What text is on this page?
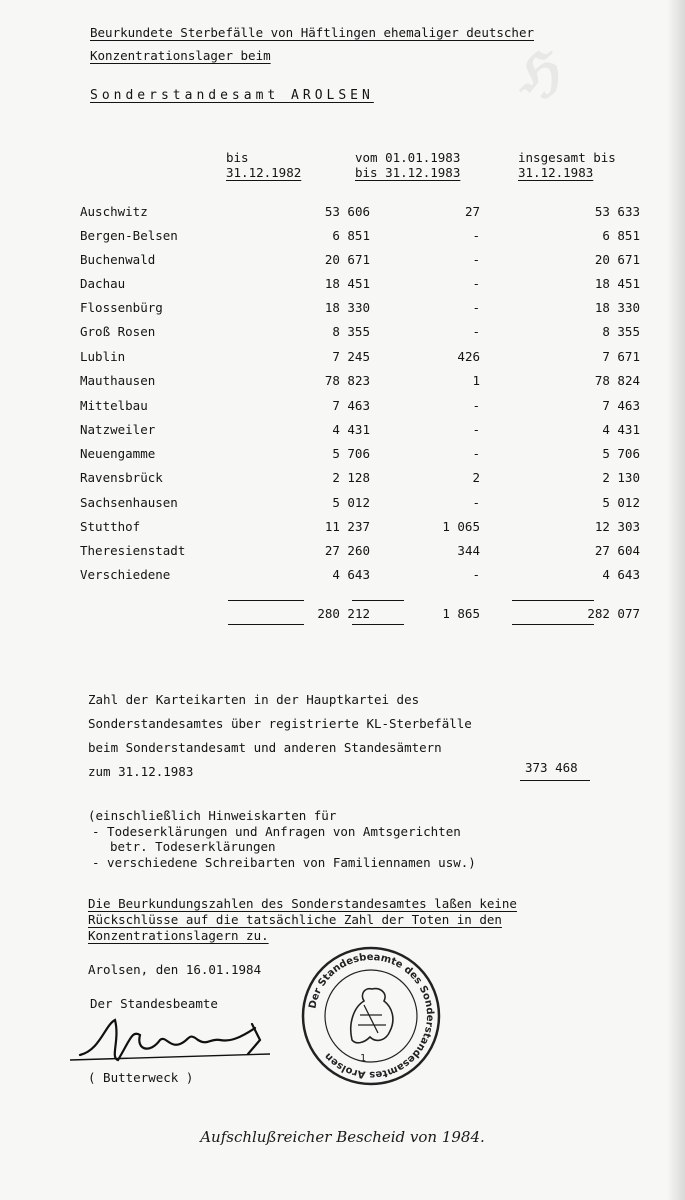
ℌ
Beurkundete Sterbefälle von Häftlingen ehemaliger deutscher
Konzentrationslager beim
Sonderstandesamt AROLSEN
bis
31.12.1982
vom 01.01.1983
bis 31.12.1983
insgesamt bis
31.12.1983
Auschwitz	53 606	27	53 633
Bergen-Belsen	6 851	-	6 851
Buchenwald	20 671	-	20 671
Dachau	18 451	-	18 451
Flossenbürg	18 330	-	18 330
Groß Rosen	8 355	-	8 355
Lublin	7 245	426	7 671
Mauthausen	78 823	1	78 824
Mittelbau	7 463	-	7 463
Natzweiler	4 431	-	4 431
Neuengamme	5 706	-	5 706
Ravensbrück	2 128	2	2 130
Sachsenhausen	5 012	-	5 012
Stutthof	11 237	1 065	12 303
Theresienstadt	27 260	344	27 604
Verschiedene	4 643	-	4 643
280 212	1 865	282 077
Zahl der Karteikarten in der Hauptkartei des
Sonderstandesamtes über registrierte KL-Sterbefälle
beim Sonderstandesamt und anderen Standesämtern
zum 31.12.1983	373 468
(einschließlich Hinweiskarten für
- Todeserklärungen und Anfragen von Amtsgerichten
betr. Todeserklärungen
- verschiedene Schreibarten von Familiennamen usw.)
Die Beurkundungszahlen des Sonderstandesamtes laßen keine
Rückschlüsse auf die tatsächliche Zahl der Toten in den
Konzentrationslagern zu.
Arolsen, den 16.01.1984
Der Standesbeamte
( Butterweck )
Der Standesbeamte des Sonderstandesamtes Arolsen	1
Aufschlußreicher Bescheid von 1984.
